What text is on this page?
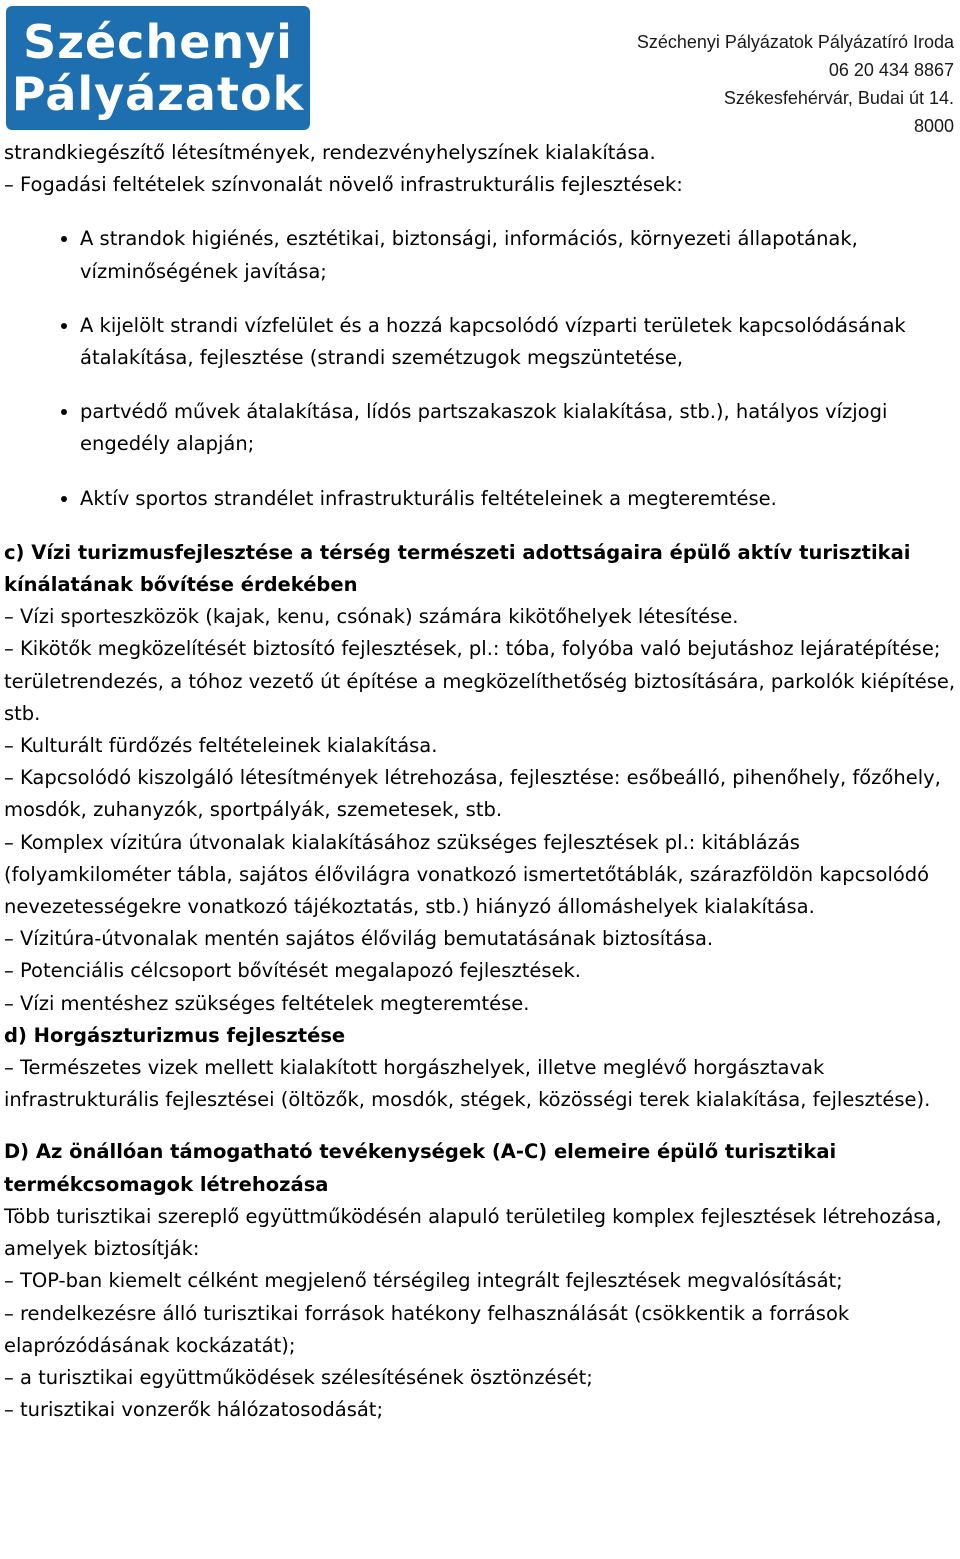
Széchenyi
Pályázatok
Széchenyi Pályázatok Pályázatíró Iroda
06 20 434 8867
Székesfehérvár, Budai út 14.
8000

strandkiegészítő létesítmények, rendezvényhelyszínek kialakítása.

– Fogadási feltételek színvonalát növelő infrastrukturális fejlesztések:

• A strandok higiénés, esztétikai, biztonsági, információs, környezeti állapotának, vízminőségének javítása;
• A kijelölt strandi vízfelület és a hozzá kapcsolódó vízparti területek kapcsolódásának átalakítása, fejlesztése (strandi szemétzugok megszüntetése,
• partvédő művek átalakítása, lídós partszakaszok kialakítása, stb.), hatályos vízjogi engedély alapján;
• Aktív sportos strandélet infrastrukturális feltételeinek a megteremtése.

c) Vízi turizmusfejlesztése a térség természeti adottságaira épülő aktív turisztikai kínálatának bővítése érdekében

– Vízi sporteszközök (kajak, kenu, csónak) számára kikötőhelyek létesítése.

– Kikötők megközelítését biztosító fejlesztések, pl.: tóba, folyóba való bejutáshoz lejáratépítése; területrendezés, a tóhoz vezető út építése a megközelíthetőség biztosítására, parkolók kiépítése, stb.

– Kulturált fürdőzés feltételeinek kialakítása.

– Kapcsolódó kiszolgáló létesítmények létrehozása, fejlesztése: esőbeálló, pihenőhely, főzőhely, mosdók, zuhanyzók, sportpályák, szemetesek, stb.

– Komplex vízitúra útvonalak kialakításához szükséges fejlesztések pl.: kitáblázás (folyamkilométer tábla, sajátos élővilágra vonatkozó ismertetőtáblák, szárazföldön kapcsolódó nevezetességekre vonatkozó tájékoztatás, stb.) hiányzó állomáshelyek kialakítása.

– Vízitúra-útvonalak mentén sajátos élővilág bemutatásának biztosítása.

– Potenciális célcsoport bővítését megalapozó fejlesztések.

– Vízi mentéshez szükséges feltételek megteremtése.

d) Horgászturizmus fejlesztése

– Természetes vizek mellett kialakított horgászhelyek, illetve meglévő horgásztavak infrastrukturális fejlesztései (öltözők, mosdók, stégek, közösségi terek kialakítása, fejlesztése).

D) Az önállóan támogatható tevékenységek (A-C) elemeire épülő turisztikai termékcsomagok létrehozása

Több turisztikai szereplő együttműködésén alapuló területileg komplex fejlesztések létrehozása, amelyek biztosítják:

– TOP-ban kiemelt célként megjelenő térségileg integrált fejlesztések megvalósítását;

– rendelkezésre álló turisztikai források hatékony felhasználását (csökkentik a források elaprózódásának kockázatát);

– a turisztikai együttműködések szélesítésének ösztönzését;

– turisztikai vonzerők hálózatosodását;
